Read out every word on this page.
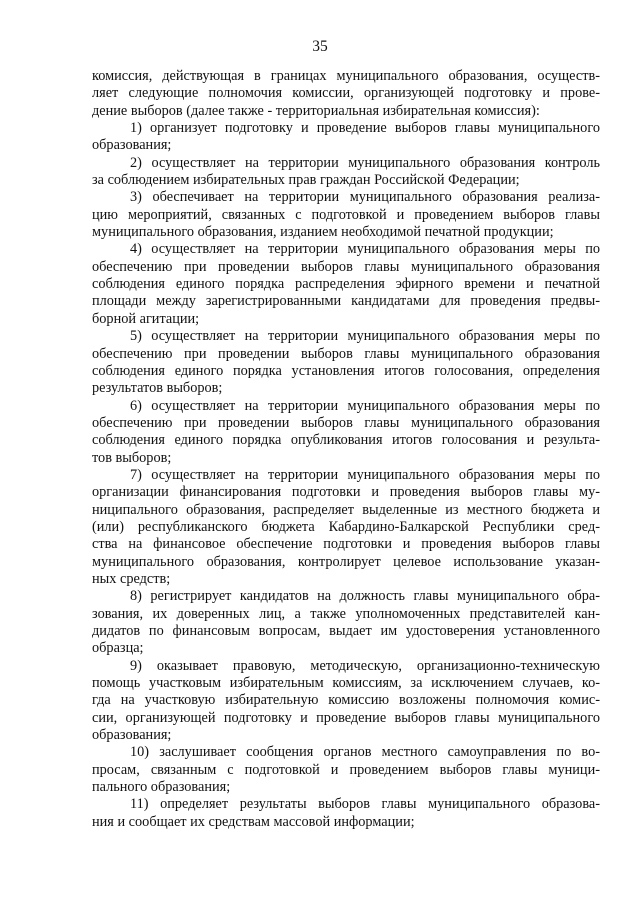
35
комиссия, действующая в границах муниципального образования, осуществ-
ляет следующие полномочия комиссии, организующей подготовку и прове-
дение выборов (далее также - территориальная избирательная комиссия):
1) организует подготовку и проведение выборов главы муниципального
образования;
2) осуществляет на территории муниципального образования контроль
за соблюдением избирательных прав граждан Российской Федерации;
3) обеспечивает на территории муниципального образования реализа-
цию мероприятий, связанных с подготовкой и проведением выборов главы
муниципального образования, изданием необходимой печатной продукции;
4) осуществляет на территории муниципального образования меры по
обеспечению при проведении выборов главы муниципального образования
соблюдения единого порядка распределения эфирного времени и печатной
площади между зарегистрированными кандидатами для проведения предвы-
борной агитации;
5) осуществляет на территории муниципального образования меры по
обеспечению при проведении выборов главы муниципального образования
соблюдения единого порядка установления итогов голосования, определения
результатов выборов;
6) осуществляет на территории муниципального образования меры по
обеспечению при проведении выборов главы муниципального образования
соблюдения единого порядка опубликования итогов голосования и результа-
тов выборов;
7) осуществляет на территории муниципального образования меры по
организации финансирования подготовки и проведения выборов главы му-
ниципального образования, распределяет выделенные из местного бюджета и
(или) республиканского бюджета Кабардино-Балкарской Республики сред-
ства на финансовое обеспечение подготовки и проведения выборов главы
муниципального образования, контролирует целевое использование указан-
ных средств;
8) регистрирует кандидатов на должность главы муниципального обра-
зования, их доверенных лиц, а также уполномоченных представителей кан-
дидатов по финансовым вопросам, выдает им удостоверения установленного
образца;
9) оказывает правовую, методическую, организационно-техническую
помощь участковым избирательным комиссиям, за исключением случаев, ко-
гда на участковую избирательную комиссию возложены полномочия комис-
сии, организующей подготовку и проведение выборов главы муниципального
образования;
10) заслушивает сообщения органов местного самоуправления по во-
просам, связанным с подготовкой и проведением выборов главы муници-
пального образования;
11) определяет результаты выборов главы муниципального образова-
ния и сообщает их средствам массовой информации;
